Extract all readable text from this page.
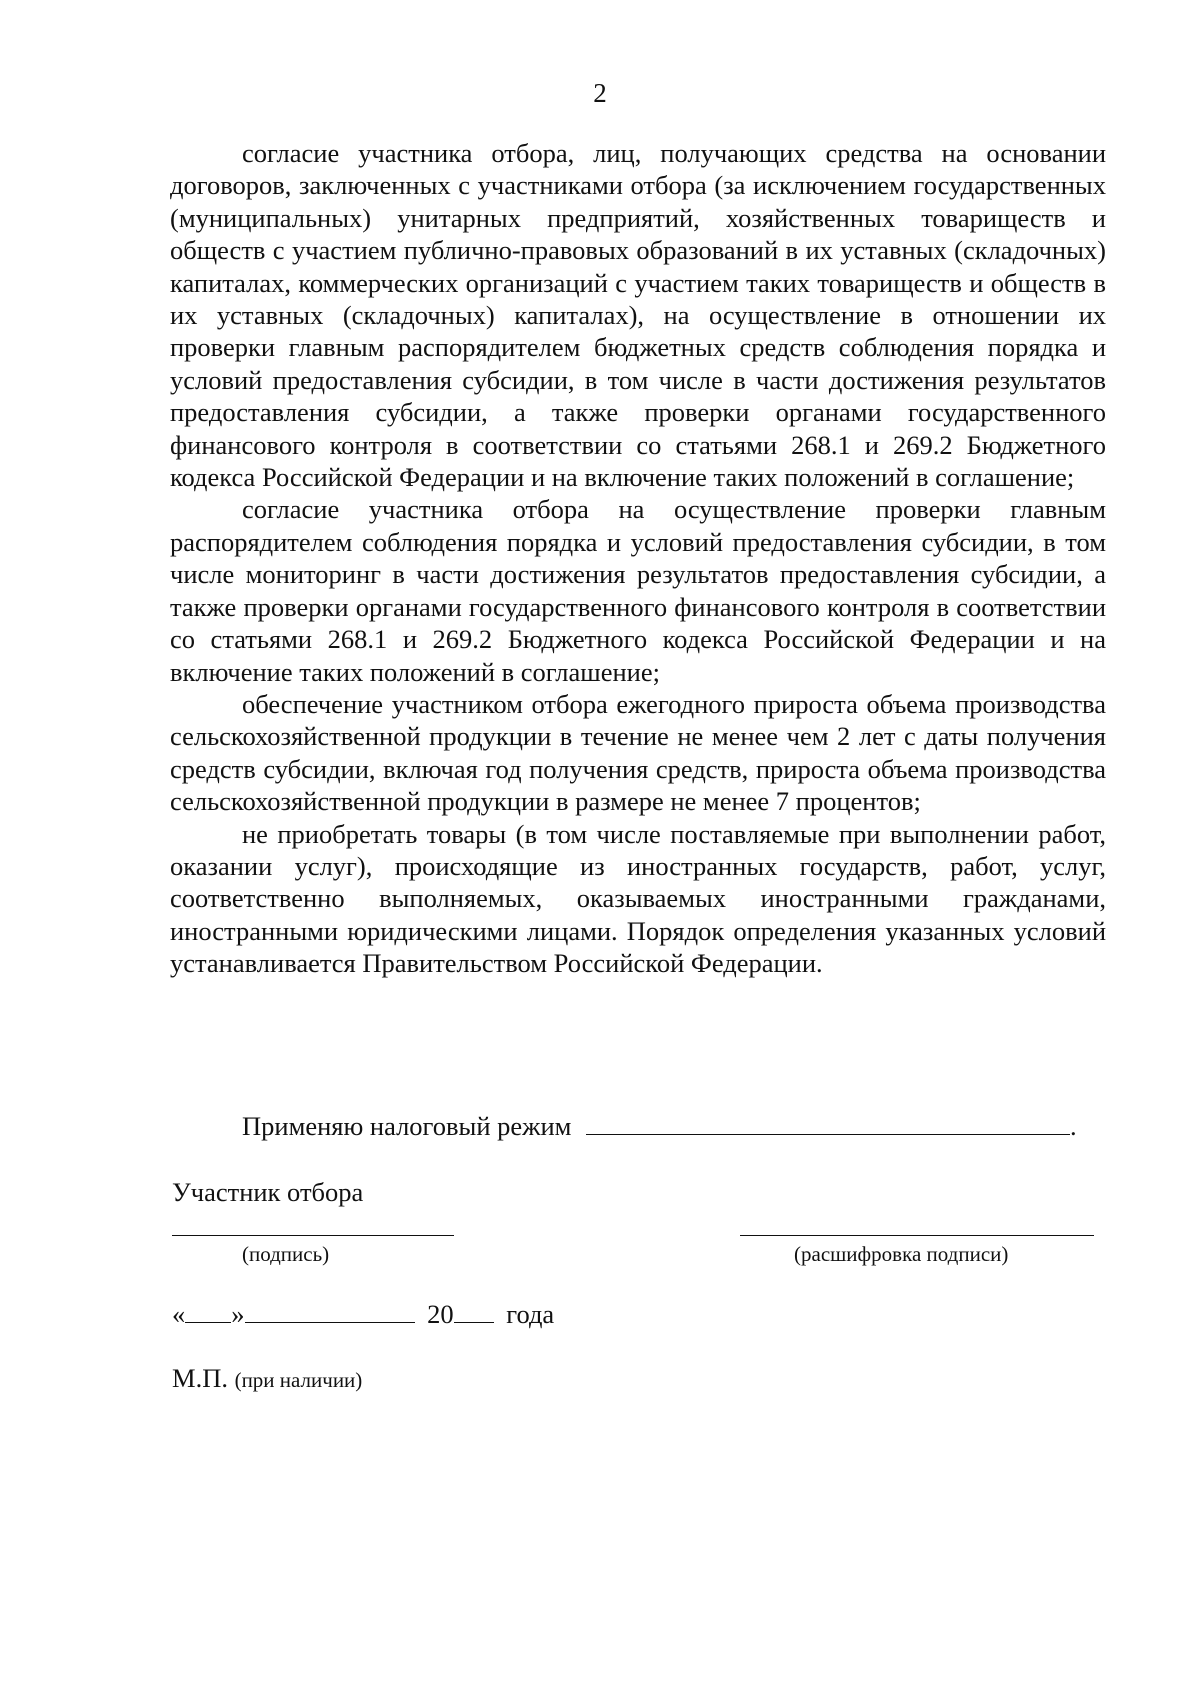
2

согласие участника отбора, лиц, получающих средства на основании договоров, заключенных с участниками отбора (за исключением государственных (муниципальных) унитарных предприятий, хозяйственных товариществ и обществ с участием публично-правовых образований в их уставных (складочных) капиталах, коммерческих организаций с участием таких товариществ и обществ в их уставных (складочных) капиталах), на осуществление в отношении их проверки главным распорядителем бюджетных средств соблюдения порядка и условий предоставления субсидии, в том числе в части достижения результатов предоставления субсидии, а также проверки органами государственного финансового контроля в соответствии со статьями 268.1 и 269.2 Бюджетного кодекса Российской Федерации и на включение таких положений в соглашение;

согласие участника отбора на осуществление проверки главным распорядителем соблюдения порядка и условий предоставления субсидии, в том числе мониторинг в части достижения результатов предоставления субсидии, а также проверки органами государственного финансового контроля в соответствии со статьями 268.1 и 269.2 Бюджетного кодекса Российской Федерации и на включение таких положений в соглашение;

обеспечение участником отбора ежегодного прироста объема производства сельскохозяйственной продукции в течение не менее чем 2 лет с даты получения средств субсидии, включая год получения средств, прироста объема производства сельскохозяйственной продукции в размере не менее 7 процентов;

не приобретать товары (в том числе поставляемые при выполнении работ, оказании услуг), происходящие из иностранных государств, работ, услуг, соответственно выполняемых, оказываемых иностранными гражданами, иностранными юридическими лицами. Порядок определения указанных условий устанавливается Правительством Российской Федерации.

Применяю налоговый режим	.
Участник отбора
(подпись)	(расшифровка подписи)
« »	20 года
М.П. (при наличии)
